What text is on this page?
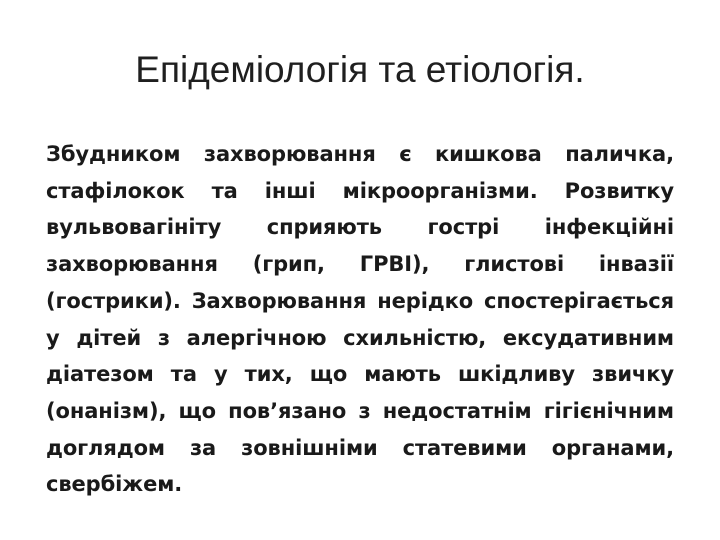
Епідеміологія та етіологія.

Збудником захворювання є кишкова паличка, стафілокок та інші мікроорганізми. Розвитку вульвовагініту сприяють гострі інфекційні захворювання (грип, ГРВІ), глистові інвазії (гострики). Захворювання нерідко спостерігається у дітей з алергічною схильністю, ексудативним діатезом та у тих, що мають шкідливу звичку (онанізм), що пов’язано з недостатнім гігієнічним доглядом за зовнішніми статевими органами, свербіжем.
